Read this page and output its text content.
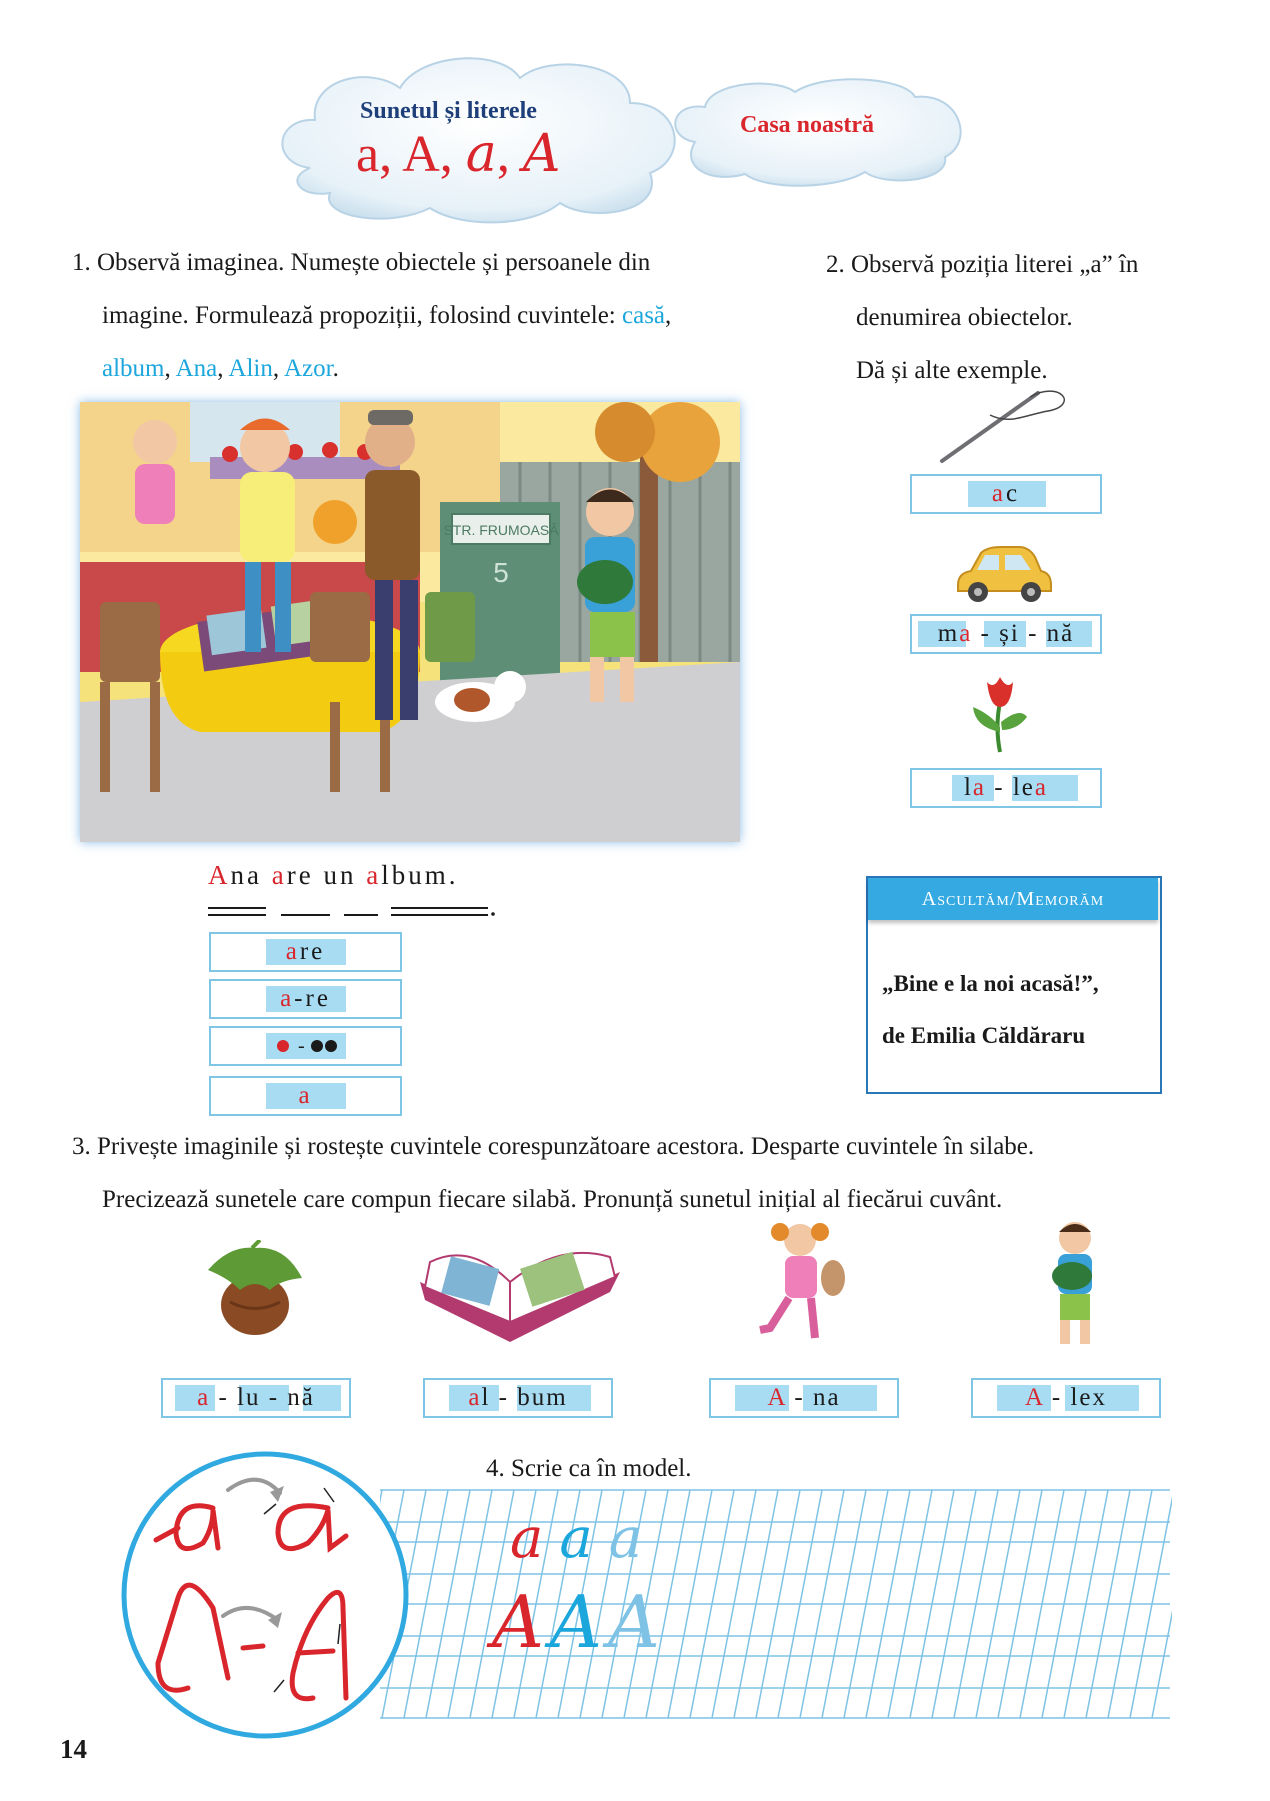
Sunetul și literele
a, A, a, A	Casa noastră
1. Observă imaginea. Numește obiectele și persoanele din
imagine. Formulează propoziții, folosind cuvintele: casă,
album, Ana, Alin, Azor.
STR. FRUMOASĂ
5
Ana are un album.
are
a-re
-
a
2. Observă poziția literei „a” în
denumirea obiectelor.
Dă și alte exemple.
ac
ma - și - nă
la - lea
Ascultăm/Memorăm
„Bine e la noi acasă!”,
de Emilia Căldăraru
3. Privește imaginile și rostește cuvintele corespunzătoare acestora. Desparte cuvintele în silabe.
Precizează sunetele care compun fiecare silabă. Pronunță sunetul inițial al fiecărui cuvânt.
a - lu - nă	al - bum	A - na	A - lex
4. Scrie ca în model.
aaa
AAA
14
